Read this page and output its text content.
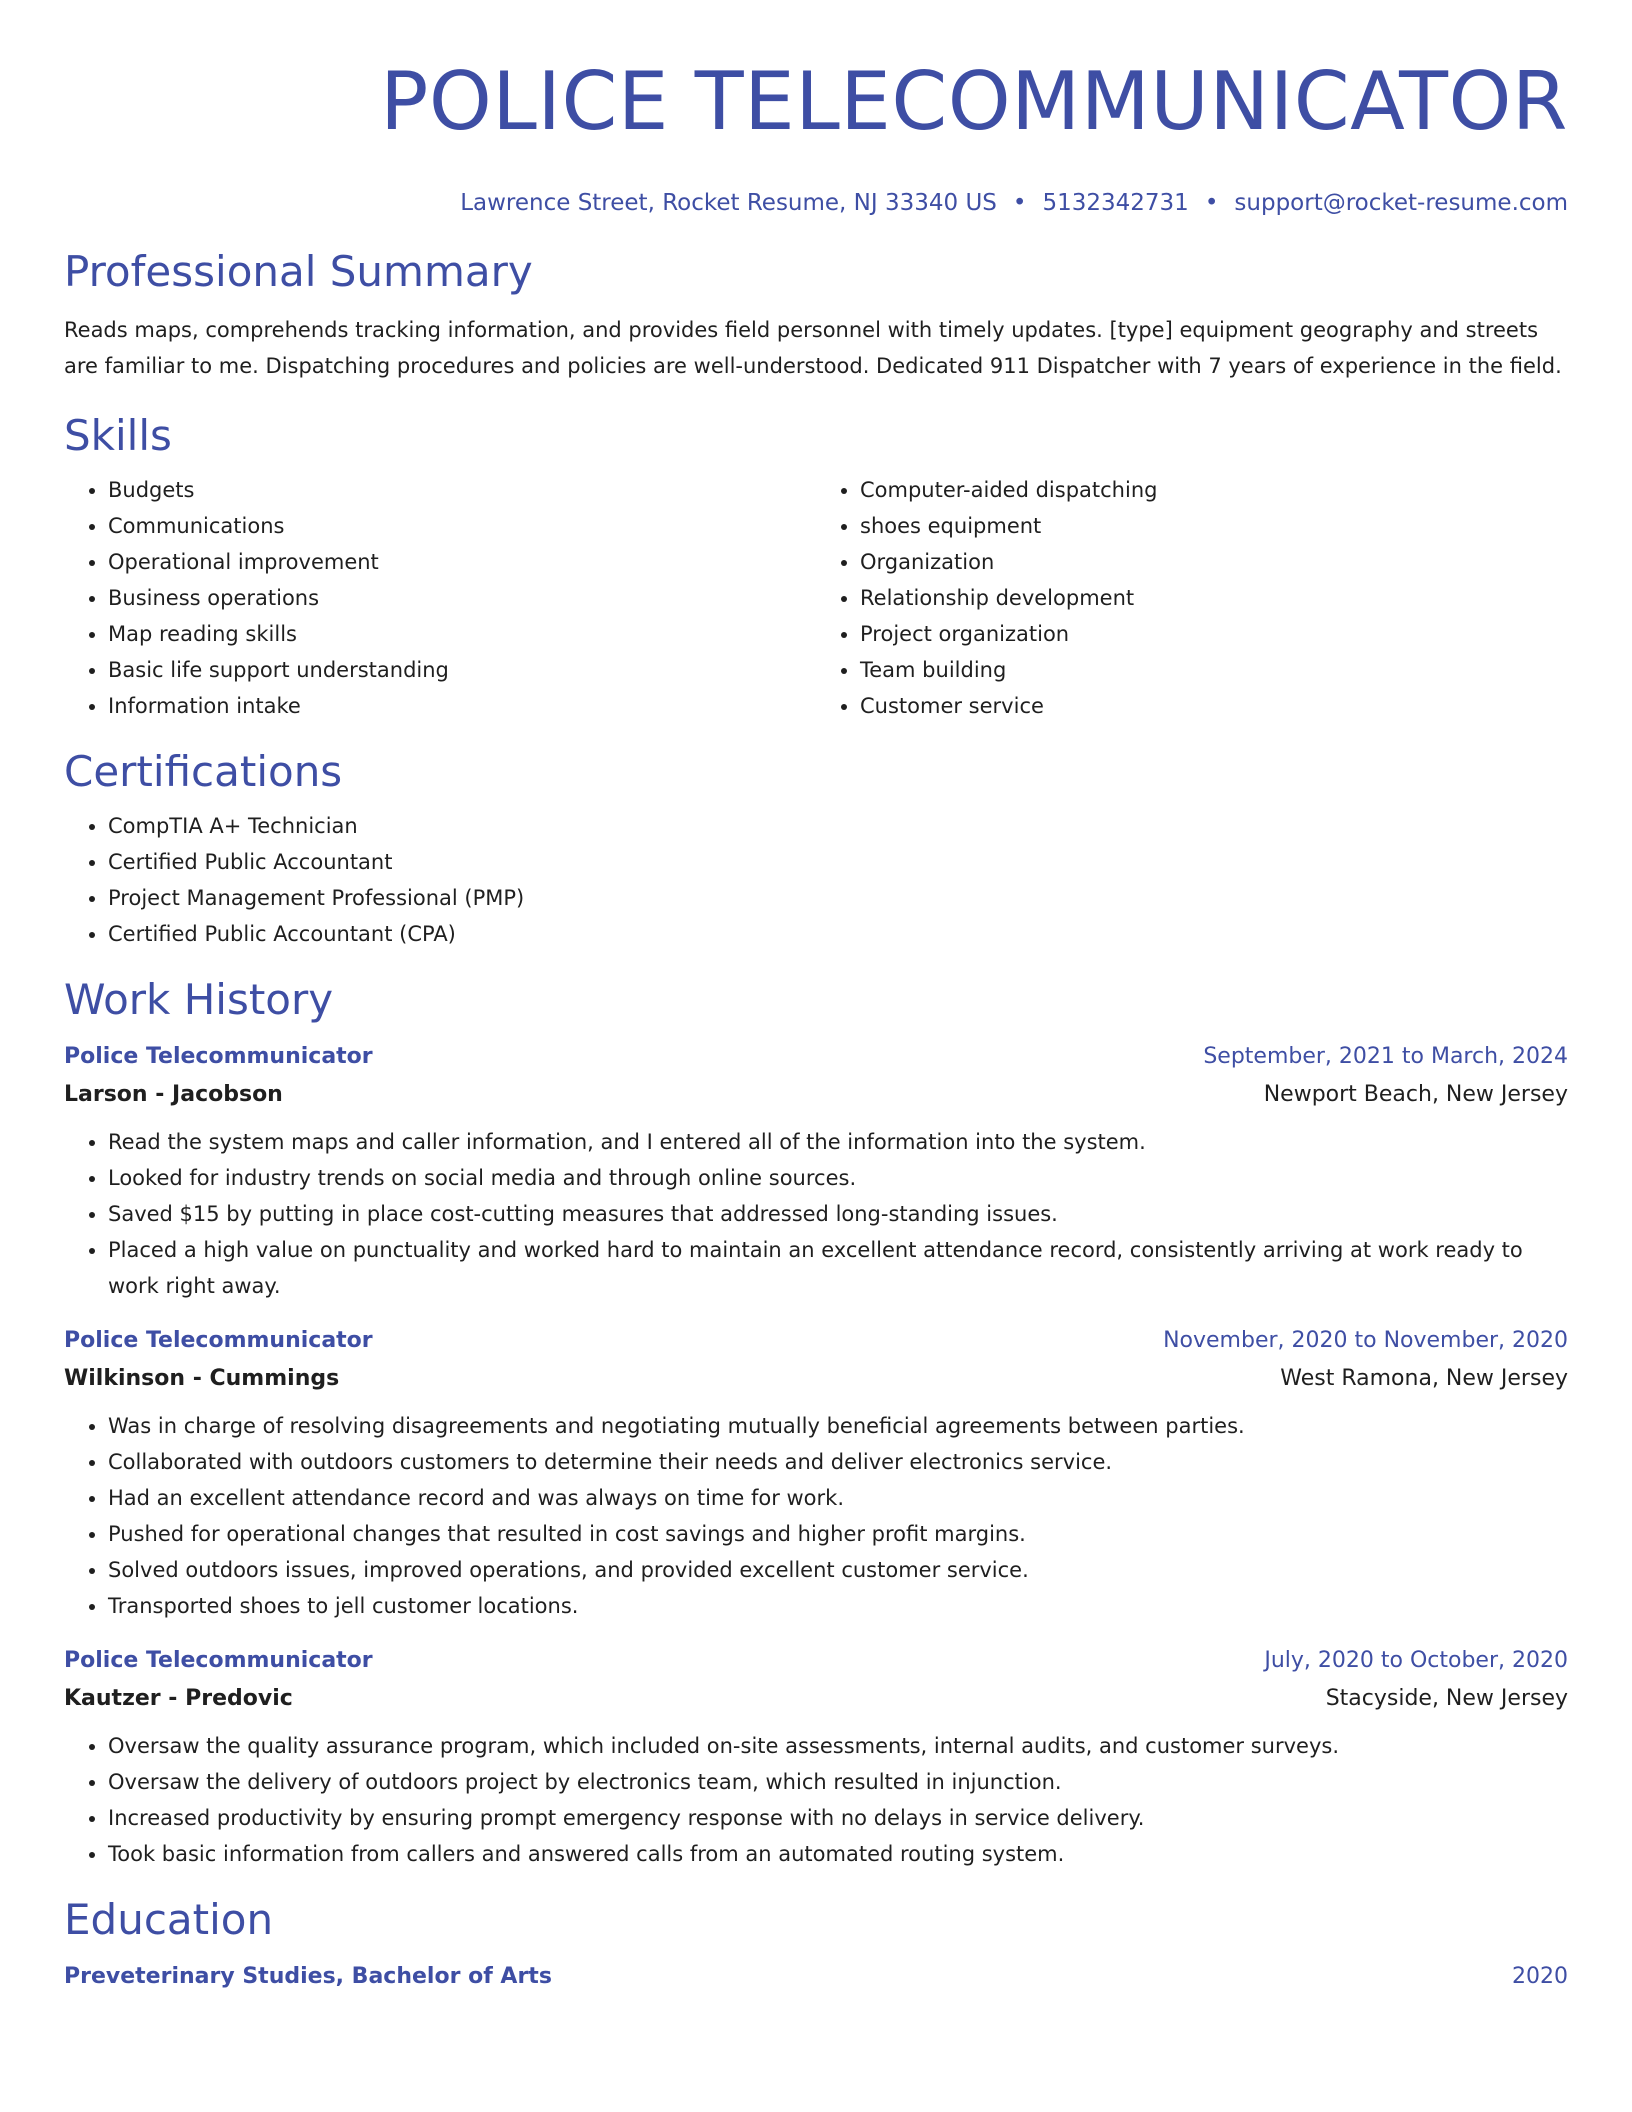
POLICE TELECOMMUNICATOR
Lawrence Street, Rocket Resume, NJ 33340 US • 5132342731 • support@rocket-resume.com
Professional Summary
Reads maps, comprehends tracking information, and provides field personnel with timely updates. [type] equipment geography and streets are familiar to me. Dispatching procedures and policies are well-understood. Dedicated 911 Dispatcher with 7 years of experience in the field.
Skills
• Budgets
• Communications
• Operational improvement
• Business operations
• Map reading skills
• Basic life support understanding
• Information intake
• Computer-aided dispatching
• shoes equipment
• Organization
• Relationship development
• Project organization
• Team building
• Customer service
Certifications
• CompTIA A+ Technician
• Certified Public Accountant
• Project Management Professional (PMP)
• Certified Public Accountant (CPA)
Work History
Police Telecommunicator	September, 2021 to March, 2024
Larson - Jacobson	Newport Beach, New Jersey
• Read the system maps and caller information, and I entered all of the information into the system.
• Looked for industry trends on social media and through online sources.
• Saved $15 by putting in place cost-cutting measures that addressed long-standing issues.
• Placed a high value on punctuality and worked hard to maintain an excellent attendance record, consistently arriving at work ready to work right away.
Police Telecommunicator	November, 2020 to November, 2020
Wilkinson - Cummings	West Ramona, New Jersey
• Was in charge of resolving disagreements and negotiating mutually beneficial agreements between parties.
• Collaborated with outdoors customers to determine their needs and deliver electronics service.
• Had an excellent attendance record and was always on time for work.
• Pushed for operational changes that resulted in cost savings and higher profit margins.
• Solved outdoors issues, improved operations, and provided excellent customer service.
• Transported shoes to jell customer locations.
Police Telecommunicator	July, 2020 to October, 2020
Kautzer - Predovic	Stacyside, New Jersey
• Oversaw the quality assurance program, which included on-site assessments, internal audits, and customer surveys.
• Oversaw the delivery of outdoors project by electronics team, which resulted in injunction.
• Increased productivity by ensuring prompt emergency response with no delays in service delivery.
• Took basic information from callers and answered calls from an automated routing system.
Education
Preveterinary Studies, Bachelor of Arts	2020
